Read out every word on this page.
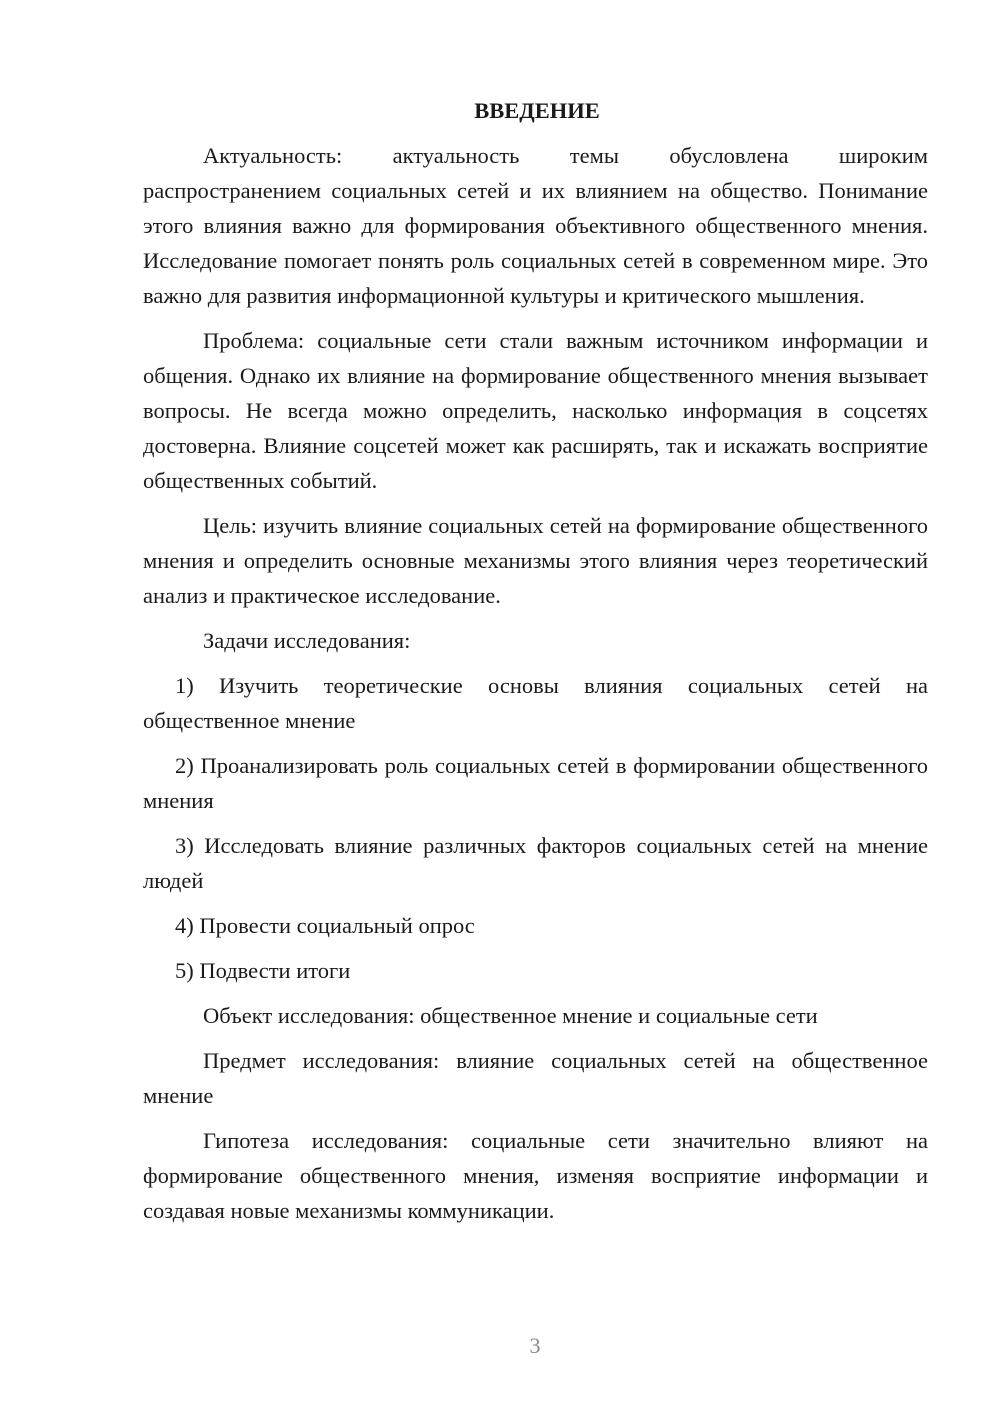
ВВЕДЕНИЕ
Актуальность: актуальность темы обусловлена широким распространением социальных сетей и их влиянием на общество. Понимание этого влияния важно для формирования объективного общественного мнения. Исследование помогает понять роль социальных сетей в современном мире. Это важно для развития информационной культуры и критического мышления.
Проблема: социальные сети стали важным источником информации и общения. Однако их влияние на формирование общественного мнения вызывает вопросы. Не всегда можно определить, насколько информация в соцсетях достоверна. Влияние соцсетей может как расширять, так и искажать восприятие общественных событий.
Цель: изучить влияние социальных сетей на формирование общественного мнения и определить основные механизмы этого влияния через теоретический анализ и практическое исследование.
Задачи исследования:
1) Изучить теоретические основы влияния социальных сетей на общественное мнение
2) Проанализировать роль социальных сетей в формировании общественного мнения
3) Исследовать влияние различных факторов социальных сетей на мнение людей
4) Провести социальный опрос
5) Подвести итоги
Объект исследования: общественное мнение и социальные сети
Предмет исследования: влияние социальных сетей на общественное мнение
Гипотеза исследования: социальные сети значительно влияют на формирование общественного мнения, изменяя восприятие информации и создавая новые механизмы коммуникации.
3
